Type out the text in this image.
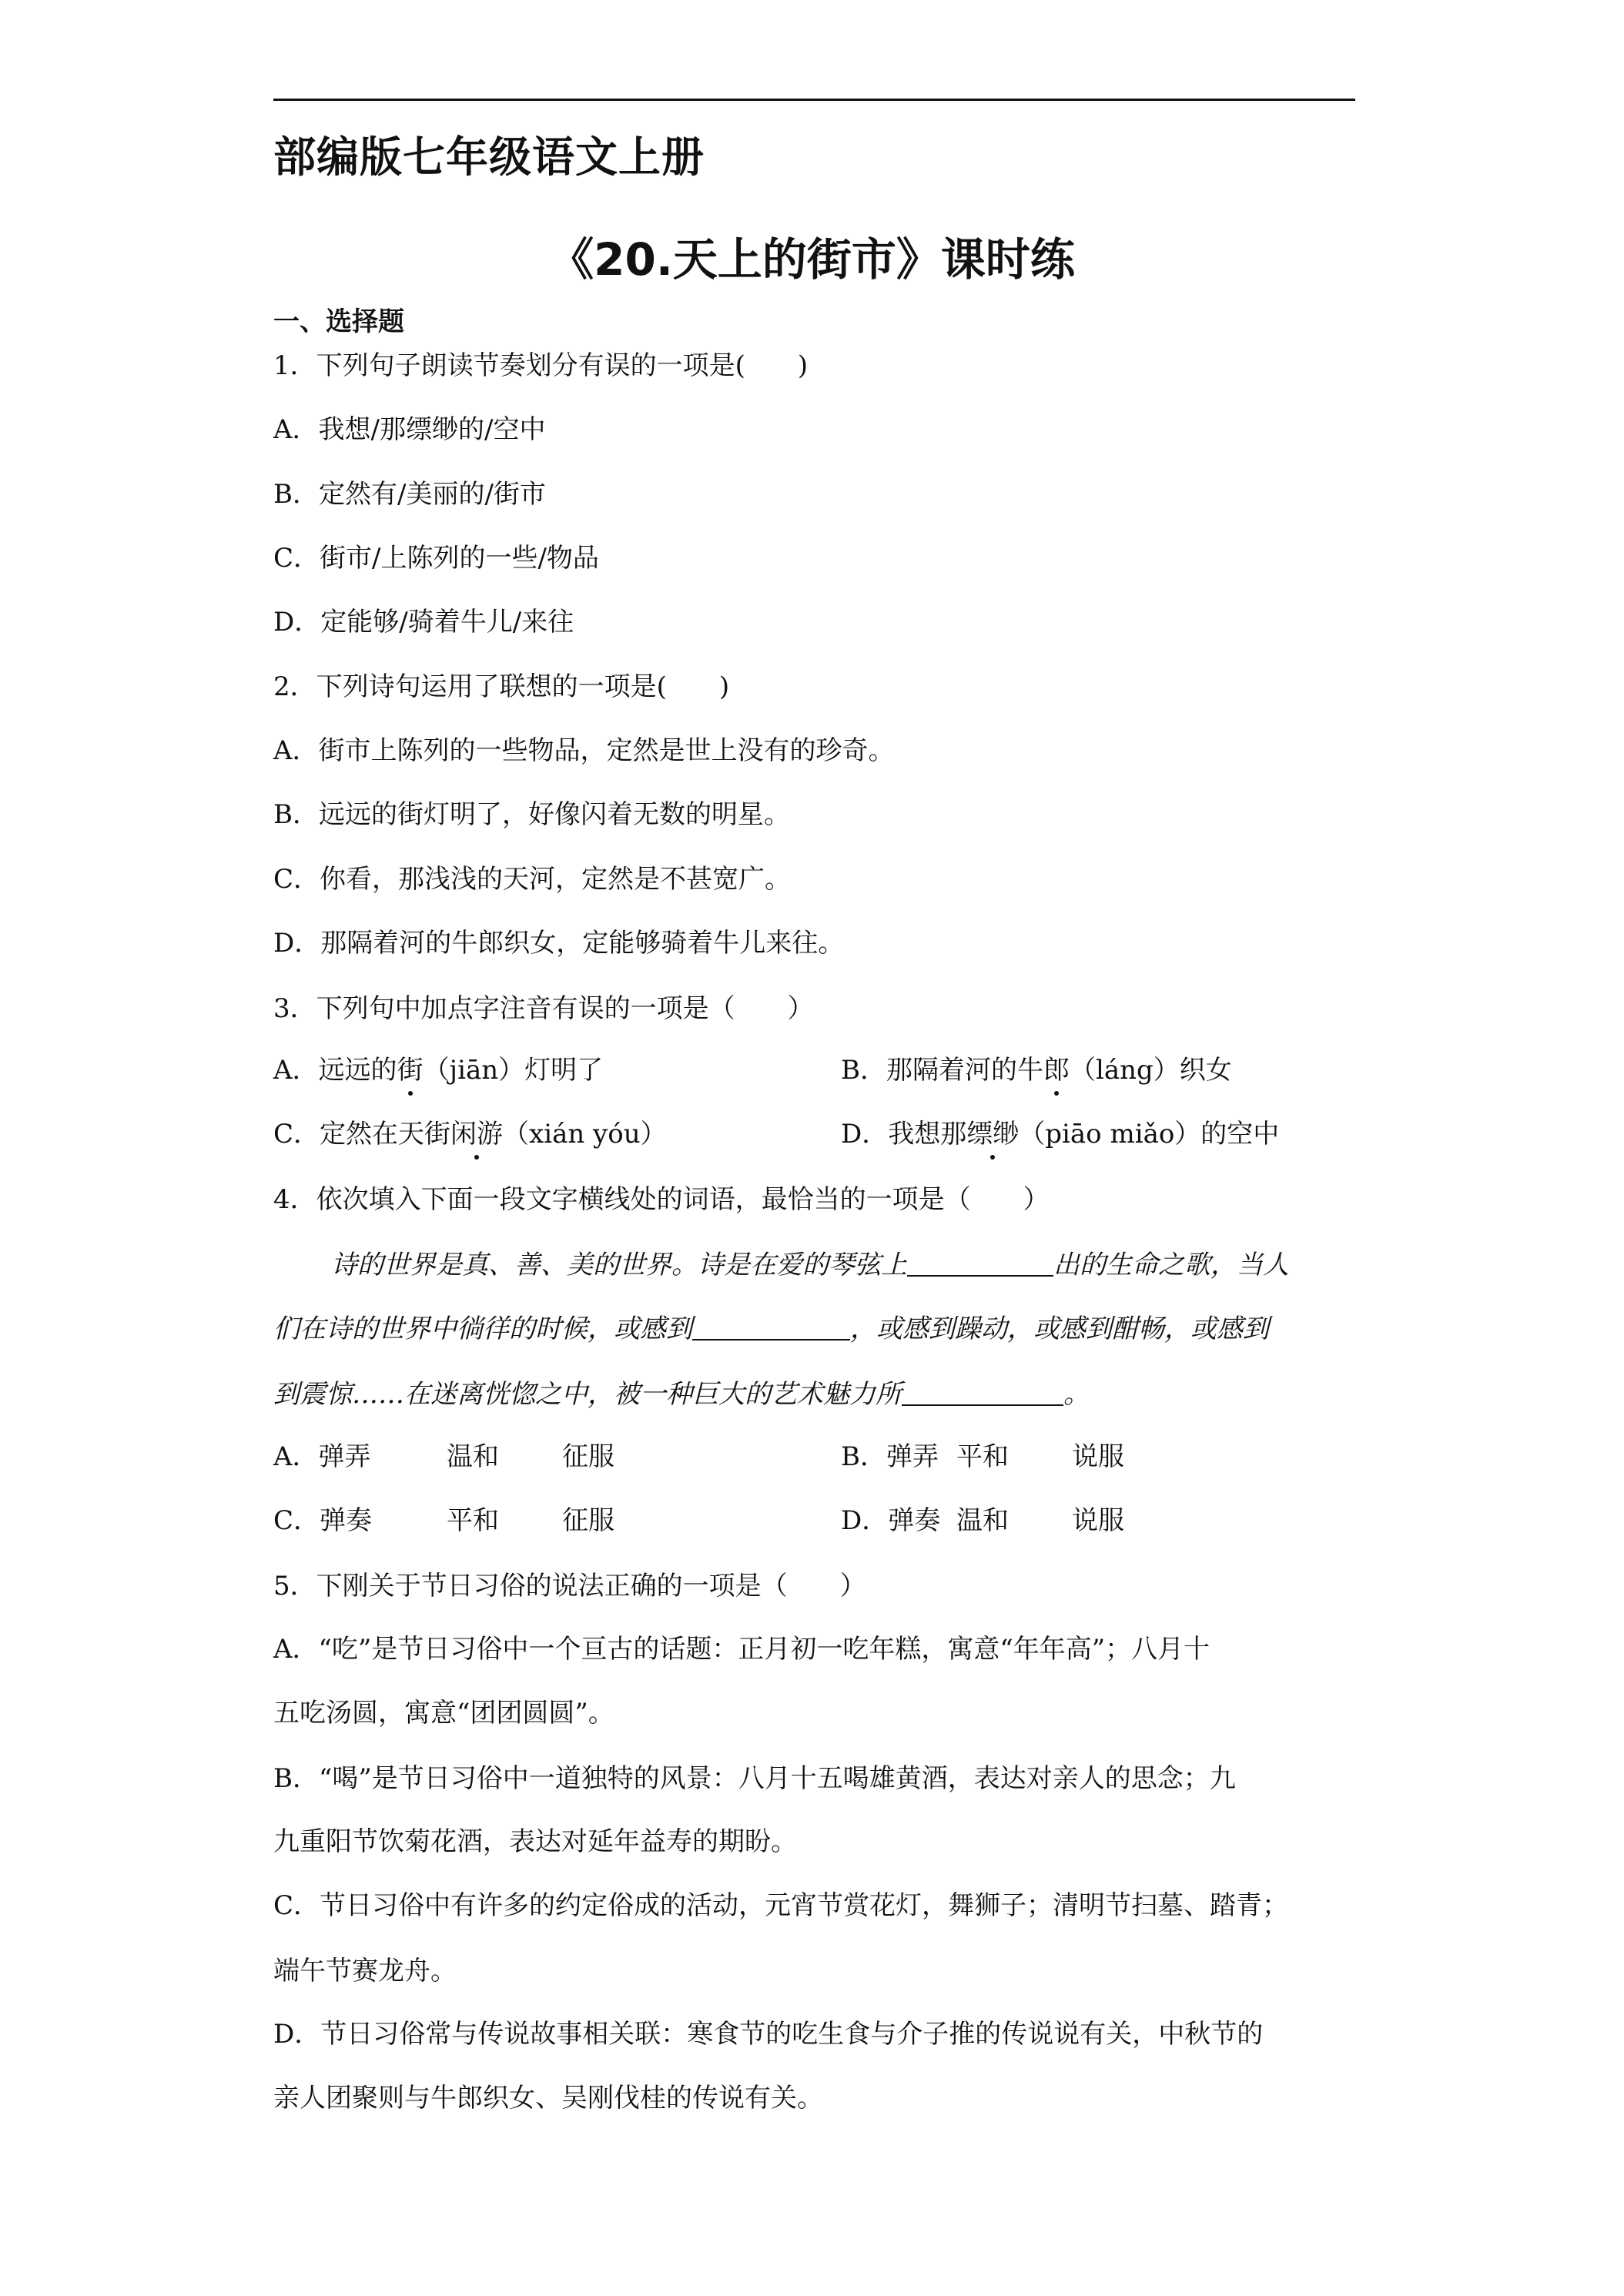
部编版七年级语文上册
《20.天上的街市》课时练
一、选择题
1．下列句子朗读节奏划分有误的一项是(　　)
A．我想/那缥缈的/空中
B．定然有/美丽的/街市
C．街市/上陈列的一些/物品
D．定能够/骑着牛儿/来往
2．下列诗句运用了联想的一项是(　　)
A．街市上陈列的一些物品，定然是世上没有的珍奇。
B．远远的街灯明了，好像闪着无数的明星。
C．你看，那浅浅的天河，定然是不甚宽广。
D．那隔着河的牛郎织女，定能够骑着牛儿来往。
3．下列句中加点字注音有误的一项是（　　）
A．远远的街（jiān）灯明了	B．那隔着河的牛郎（láng）织女
C．定然在天街闲游（xián yóu）	D．我想那缥缈（piāo miǎo）的空中
4．依次填入下面一段文字横线处的词语，最恰当的一项是（　　）
诗的世界是真、善、美的世界。诗是在爱的琴弦上	出的生命之歌，当人
们在诗的世界中徜徉的时候，或感到	，或感到躁动，或感到酣畅，或感到
到震惊……在迷离恍惚之中，被一种巨大的艺术魅力所	。
A．弹弄	温和 征服	B．弹弄 平和 说服
C．弹奏	平和 征服	D．弹奏 温和 说服
5．下刚关于节日习俗的说法正确的一项是（　　）
A．“吃”是节日习俗中一个亘古的话题：正月初一吃年糕，寓意“年年高”；八月十
五吃汤圆，寓意“团团圆圆”。
B．“喝”是节日习俗中一道独特的风景：八月十五喝雄黄酒，表达对亲人的思念；九
九重阳节饮菊花酒，表达对延年益寿的期盼。
C．节日习俗中有许多的约定俗成的活动，元宵节赏花灯，舞狮子；清明节扫墓、踏青；
端午节赛龙舟。
D．节日习俗常与传说故事相关联：寒食节的吃生食与介子推的传说说有关，中秋节的
亲人团聚则与牛郎织女、吴刚伐桂的传说有关。
